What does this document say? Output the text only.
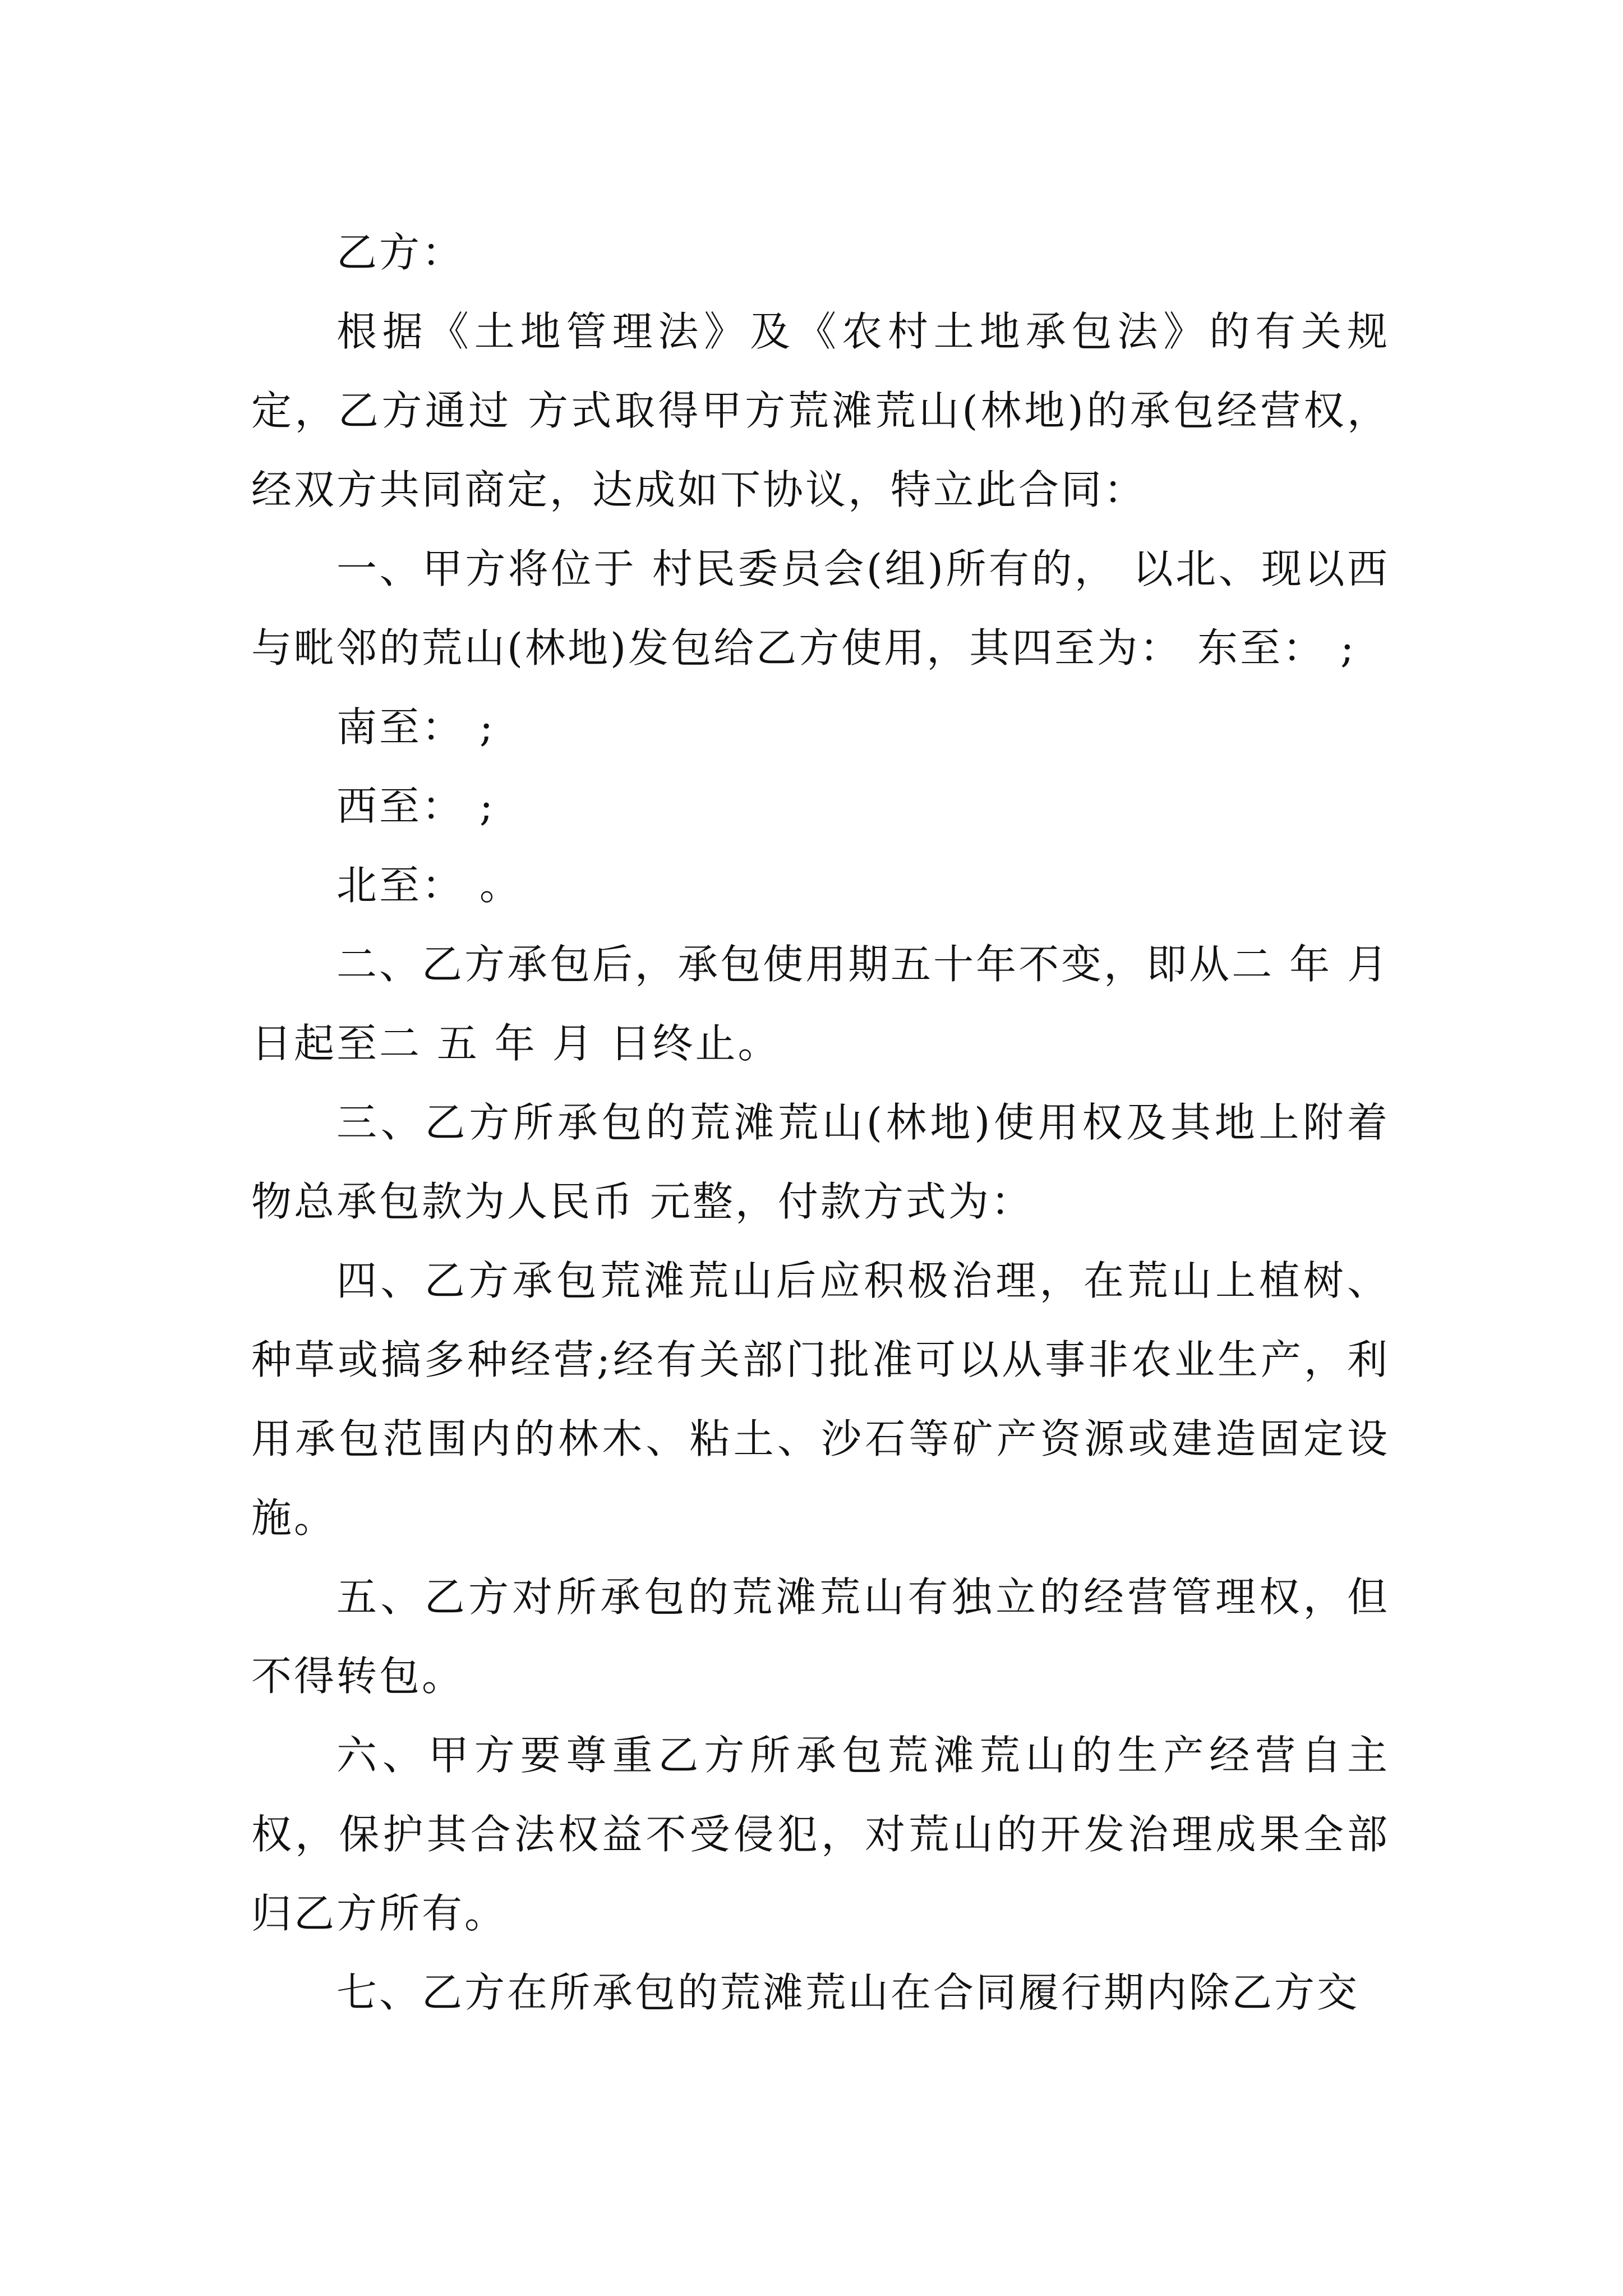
乙方：

根据《土地管理法》及《农村土地承包法》的有关规定，乙方通过 方式取得甲方荒滩荒山(林地)的承包经营权，经双方共同商定，达成如下协议，特立此合同：

一、甲方将位于 村民委员会(组)所有的， 以北、现以西与毗邻的荒山(林地)发包给乙方使用，其四至为： 东至： ;

南至： ;

西至： ;

北至： 。

二、乙方承包后，承包使用期五十年不变，即从二 年 月 日起至二 五 年 月 日终止。

三、乙方所承包的荒滩荒山(林地)使用权及其地上附着物总承包款为人民币 元整，付款方式为：

四、乙方承包荒滩荒山后应积极治理，在荒山上植树、种草或搞多种经营;经有关部门批准可以从事非农业生产，利用承包范围内的林木、粘土、沙石等矿产资源或建造固定设施。

五、乙方对所承包的荒滩荒山有独立的经营管理权，但不得转包。

六、甲方要尊重乙方所承包荒滩荒山的生产经营自主权，保护其合法权益不受侵犯，对荒山的开发治理成果全部归乙方所有。

七、乙方在所承包的荒滩荒山在合同履行期内除乙方交
